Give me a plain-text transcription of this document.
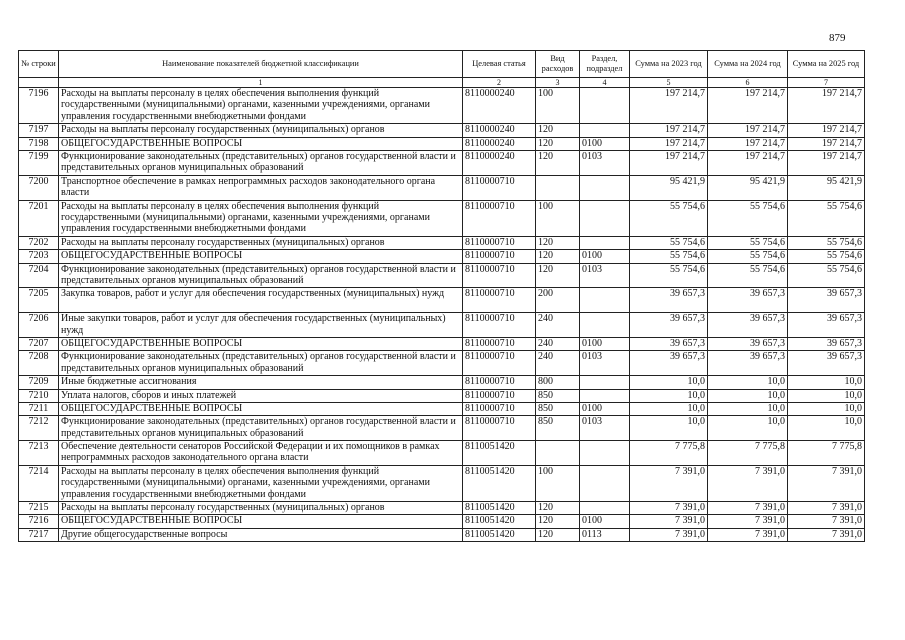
879
№ строки	Наименование показателей бюджетной классификации	Целевая статья	Вид расходов	Раздел, подраздел	Сумма на 2023 год	Сумма на 2024 год	Сумма на 2025 год
	1	2	3	4	5	6	7
7196	Расходы на выплаты персоналу в целях обеспечения выполнения функций государственными (муниципальными) органами, казенными учреждениями, органами управления государственными внебюджетными фондами	8110000240	100		197 214,7	197 214,7	197 214,7
7197	Расходы на выплаты персоналу государственных (муниципальных) органов	8110000240	120		197 214,7	197 214,7	197 214,7
7198	ОБЩЕГОСУДАРСТВЕННЫЕ ВОПРОСЫ	8110000240	120	0100	197 214,7	197 214,7	197 214,7
7199	Функционирование законодательных (представительных) органов государственной власти и представительных органов муниципальных образований	8110000240	120	0103	197 214,7	197 214,7	197 214,7
7200	Транспортное обеспечение в рамках непрограммных расходов законодательного органа власти	8110000710			95 421,9	95 421,9	95 421,9
7201	Расходы на выплаты персоналу в целях обеспечения выполнения функций государственными (муниципальными) органами, казенными учреждениями, органами управления государственными внебюджетными фондами	8110000710	100		55 754,6	55 754,6	55 754,6
7202	Расходы на выплаты персоналу государственных (муниципальных) органов	8110000710	120		55 754,6	55 754,6	55 754,6
7203	ОБЩЕГОСУДАРСТВЕННЫЕ ВОПРОСЫ	8110000710	120	0100	55 754,6	55 754,6	55 754,6
7204	Функционирование законодательных (представительных) органов государственной власти и представительных органов муниципальных образований	8110000710	120	0103	55 754,6	55 754,6	55 754,6
7205	Закупка товаров, работ и услуг для обеспечения государственных (муниципальных) нужд	8110000710	200		39 657,3	39 657,3	39 657,3
7206	Иные закупки товаров, работ и услуг для обеспечения государственных (муниципальных) нужд	8110000710	240		39 657,3	39 657,3	39 657,3
7207	ОБЩЕГОСУДАРСТВЕННЫЕ ВОПРОСЫ	8110000710	240	0100	39 657,3	39 657,3	39 657,3
7208	Функционирование законодательных (представительных) органов государственной власти и представительных органов муниципальных образований	8110000710	240	0103	39 657,3	39 657,3	39 657,3
7209	Иные бюджетные ассигнования	8110000710	800		10,0	10,0	10,0
7210	Уплата налогов, сборов и иных платежей	8110000710	850		10,0	10,0	10,0
7211	ОБЩЕГОСУДАРСТВЕННЫЕ ВОПРОСЫ	8110000710	850	0100	10,0	10,0	10,0
7212	Функционирование законодательных (представительных) органов государственной власти и представительных органов муниципальных образований	8110000710	850	0103	10,0	10,0	10,0
7213	Обеспечение деятельности сенаторов Российской Федерации и их помощников в рамках непрограммных расходов законодательного органа власти	8110051420			7 775,8	7 775,8	7 775,8
7214	Расходы на выплаты персоналу в целях обеспечения выполнения функций государственными (муниципальными) органами, казенными учреждениями, органами управления государственными внебюджетными фондами	8110051420	100		7 391,0	7 391,0	7 391,0
7215	Расходы на выплаты персоналу государственных (муниципальных) органов	8110051420	120		7 391,0	7 391,0	7 391,0
7216	ОБЩЕГОСУДАРСТВЕННЫЕ ВОПРОСЫ	8110051420	120	0100	7 391,0	7 391,0	7 391,0
7217	Другие общегосударственные вопросы	8110051420	120	0113	7 391,0	7 391,0	7 391,0
